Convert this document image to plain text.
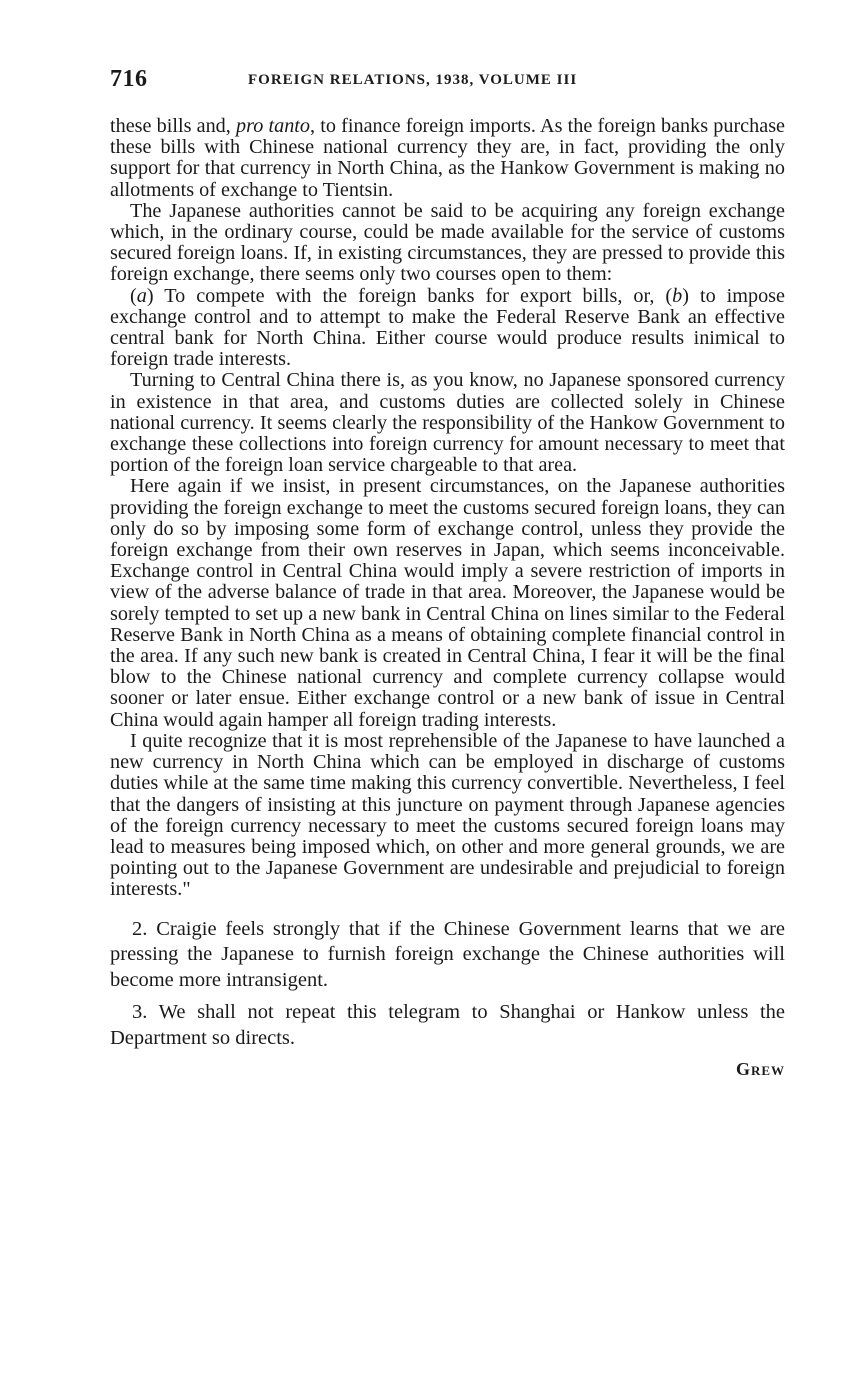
716	FOREIGN RELATIONS, 1938, VOLUME III

these bills and, pro tanto, to finance foreign imports. As the foreign banks purchase these bills with Chinese national currency they are, in fact, providing the only support for that currency in North China, as the Hankow Government is making no allotments of exchange to Tientsin.

The Japanese authorities cannot be said to be acquiring any foreign exchange which, in the ordinary course, could be made available for the service of customs secured foreign loans. If, in existing circumstances, they are pressed to provide this foreign exchange, there seems only two courses open to them:

(a) To compete with the foreign banks for export bills, or, (b) to impose exchange control and to attempt to make the Federal Reserve Bank an effective central bank for North China. Either course would produce results inimical to foreign trade interests.

Turning to Central China there is, as you know, no Japanese sponsored currency in existence in that area, and customs duties are collected solely in Chinese national currency. It seems clearly the responsibility of the Hankow Government to exchange these collections into foreign currency for amount necessary to meet that portion of the foreign loan service chargeable to that area.

Here again if we insist, in present circumstances, on the Japanese authorities providing the foreign exchange to meet the customs secured foreign loans, they can only do so by imposing some form of exchange control, unless they provide the foreign exchange from their own reserves in Japan, which seems inconceivable. Exchange control in Central China would imply a severe restriction of imports in view of the adverse balance of trade in that area. Moreover, the Japanese would be sorely tempted to set up a new bank in Central China on lines similar to the Federal Reserve Bank in North China as a means of obtaining complete financial control in the area. If any such new bank is created in Central China, I fear it will be the final blow to the Chinese national currency and complete currency collapse would sooner or later ensue. Either exchange control or a new bank of issue in Central China would again hamper all foreign trading interests.

I quite recognize that it is most reprehensible of the Japanese to have launched a new currency in North China which can be employed in discharge of customs duties while at the same time making this currency convertible. Nevertheless, I feel that the dangers of insisting at this juncture on payment through Japanese agencies of the foreign currency necessary to meet the customs secured foreign loans may lead to measures being imposed which, on other and more general grounds, we are pointing out to the Japanese Government are undesirable and prejudicial to foreign interests."

2. Craigie feels strongly that if the Chinese Government learns that we are pressing the Japanese to furnish foreign exchange the Chinese authorities will become more intransigent.

3. We shall not repeat this telegram to Shanghai or Hankow unless the Department so directs.

Grew
